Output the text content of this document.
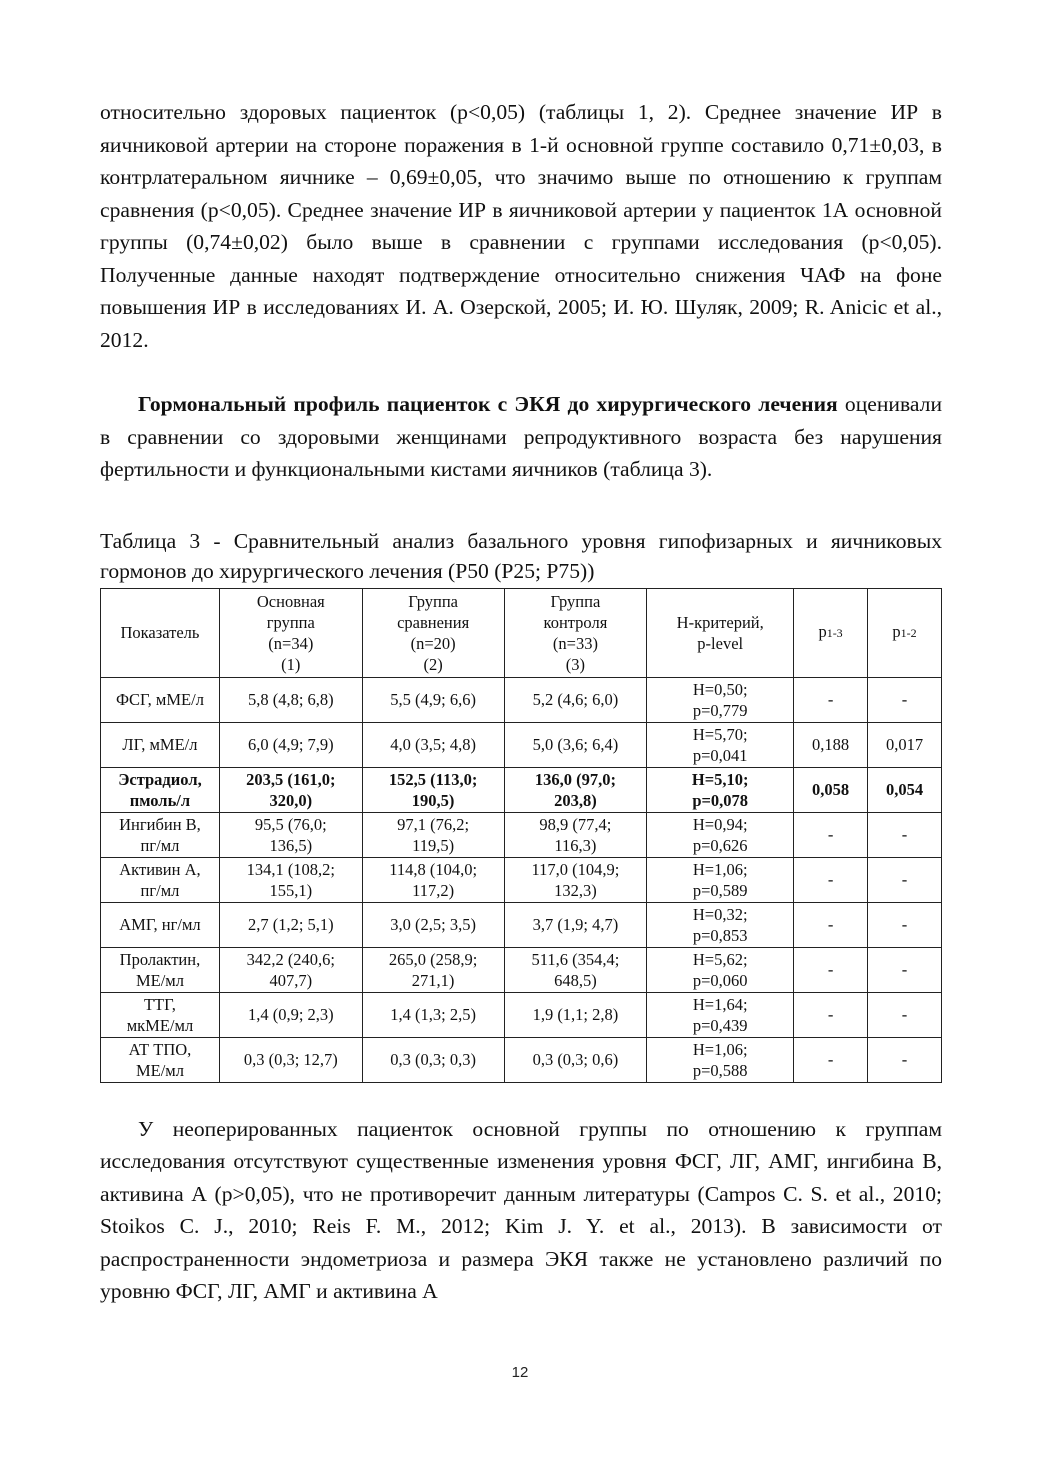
относительно здоровых пациенток (p<0,05) (таблицы 1, 2). Среднее значение ИР в яичниковой артерии на стороне поражения в 1-й основной группе составило 0,71±0,03, в контрлатеральном яичнике – 0,69±0,05, что значимо выше по отношению к группам сравнения (p<0,05). Среднее значение ИР в яичниковой артерии у пациенток 1А основной группы (0,74±0,02) было выше в сравнении с группами исследования (p<0,05). Полученные данные находят подтверждение относительно снижения ЧАФ на фоне повышения ИР в исследованиях И. А. Озерской, 2005; И. Ю. Шуляк, 2009; R. Anicic et al., 2012.

Гормональный профиль пациенток с ЭКЯ до хирургического лечения оценивали в сравнении со здоровыми женщинами репродуктивного возраста без нарушения фертильности и функциональными кистами яичников (таблица 3).

Таблица 3 - Сравнительный анализ базального уровня гипофизарных и яичниковых гормонов до хирургического лечения (P50 (P25; P75))

Показатель	Основная
группа
(n=34)
(1)	Группа
сравнения
(n=20)
(2)	Группа
контроля
(n=33)
(3)	H-критерий,
p-level	p1-3	p1-2
ФСГ, мМЕ/л	5,8 (4,8; 6,8)	5,5 (4,9; 6,6)	5,2 (4,6; 6,0)	H=0,50;
p=0,779	-	-
ЛГ, мМЕ/л	6,0 (4,9; 7,9)	4,0 (3,5; 4,8)	5,0 (3,6; 6,4)	H=5,70;
p=0,041	0,188	0,017
Эстрадиол,
пмоль/л	203,5 (161,0;
320,0)	152,5 (113,0;
190,5)	136,0 (97,0;
203,8)	H=5,10;
p=0,078	0,058	0,054
Ингибин В,
пг/мл	95,5 (76,0;
136,5)	97,1 (76,2;
119,5)	98,9 (77,4;
116,3)	H=0,94;
p=0,626	-	-
Активин А,
пг/мл	134,1 (108,2;
155,1)	114,8 (104,0;
117,2)	117,0 (104,9;
132,3)	H=1,06;
p=0,589	-	-
АМГ, нг/мл	2,7 (1,2; 5,1)	3,0 (2,5; 3,5)	3,7 (1,9; 4,7)	H=0,32;
p=0,853	-	-
Пролактин,
МЕ/мл	342,2 (240,6;
407,7)	265,0 (258,9;
271,1)	511,6 (354,4;
648,5)	H=5,62;
p=0,060	-	-
ТТГ,
мкМЕ/мл	1,4 (0,9; 2,3)	1,4 (1,3; 2,5)	1,9 (1,1; 2,8)	H=1,64;
p=0,439	-	-
АТ ТПО,
МЕ/мл	0,3 (0,3; 12,7)	0,3 (0,3; 0,3)	0,3 (0,3; 0,6)	H=1,06;
p=0,588	-	-

У неоперированных пациенток основной группы по отношению к группам исследования отсутствуют существенные изменения уровня ФСГ, ЛГ, АМГ, ингибина В, активина А (p>0,05), что не противоречит данным литературы (Campos C. S. et al., 2010; Stoikos C. J., 2010; Reis F. M., 2012; Kim J. Y. et al., 2013). В зависимости от распространенности эндометриоза и размера ЭКЯ также не установлено различий по уровню ФСГ, ЛГ, АМГ и активина А

12
